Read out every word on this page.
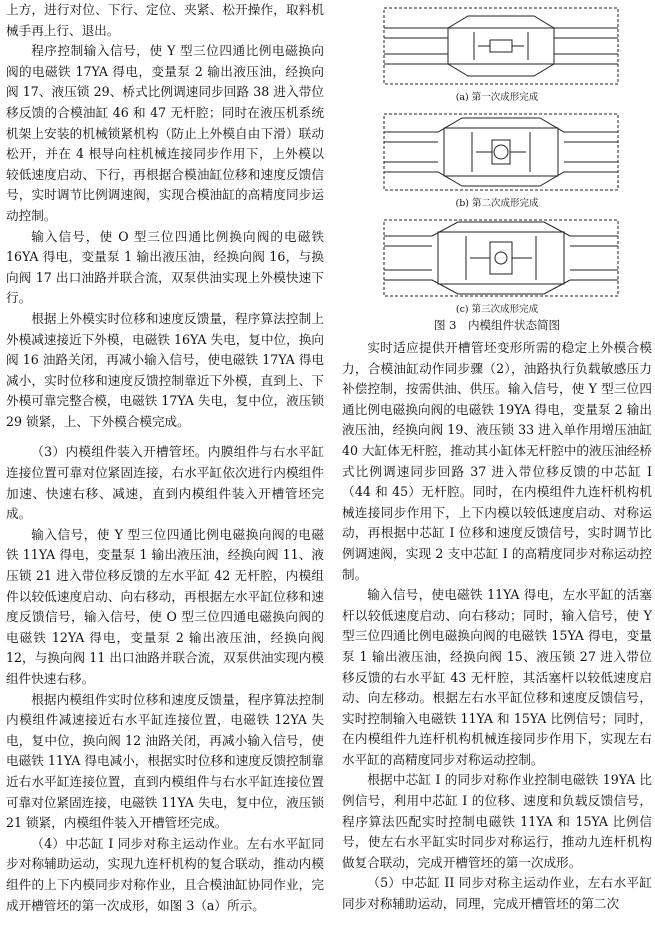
上方，进行对位、下行、定位、夹紧、松开操作，取料机械手再上行、退出。

程序控制输入信号，使 Y 型三位四通比例电磁换向阀的电磁铁 17YA 得电，变量泵 2 输出液压油，经换向阀 17、液压锁 29、桥式比例调速同步回路 38 进入带位移反馈的合模油缸 46 和 47 无杆腔；同时在液压机系统机架上安装的机械锁紧机构（防止上外模自由下滑）联动松开，并在 4 根导向柱机械连接同步作用下，上外模以较低速度启动、下行，再根据合模油缸位移和速度反馈信号，实时调节比例调速阀，实现合模油缸的高精度同步运动控制。

输入信号，使 O 型三位四通比例换向阀的电磁铁 16YA 得电，变量泵 1 输出液压油，经换向阀 16，与换向阀 17 出口油路并联合流，双泵供油实现上外模快速下行。

根据上外模实时位移和速度反馈量，程序算法控制上外模减速接近下外模，电磁铁 16YA 失电，复中位，换向阀 16 油路关闭，再减小输入信号，使电磁铁 17YA 得电减小，实时位移和速度反馈控制靠近下外模，直到上、下外模可靠完整合模，电磁铁 17YA 失电，复中位，液压锁 29 锁紧，上、下外模合模完成。

（3）内模组件装入开槽管坯。内膜组件与右水平缸连接位置可靠对位紧固连接，右水平缸依次进行内模组件加速、快速右移、减速，直到内模组件装入开槽管坯完成。

输入信号，使 Y 型三位四通比例电磁换向阀的电磁铁 11YA 得电，变量泵 1 输出液压油，经换向阀 11、液压锁 21 进入带位移反馈的左水平缸 42 无杆腔，内模组件以较低速度启动、向右移动，再根据左水平缸位移和速度反馈信号，输入信号，使 O 型三位四通电磁换向阀的电磁铁 12YA 得电，变量泵 2 输出液压油，经换向阀 12，与换向阀 11 出口油路并联合流，双泵供油实现内模组件快速右移。

根据内模组件实时位移和速度反馈量，程序算法控制内模组件减速接近右水平缸连接位置，电磁铁 12YA 失电，复中位，换向阀 12 油路关闭，再减小输入信号，使电磁铁 11YA 得电减小，根据实时位移和速度反馈控制靠近右水平缸连接位置，直到内模组件与右水平缸连接位置可靠对位紧固连接，电磁铁 11YA 失电，复中位，液压锁 21 锁紧，内模组件装入开槽管坯完成。

（4）中芯缸 I 同步对称主运动作业。左右水平缸同步对称辅助运动，实现九连杆机构的复合联动，推动内模组件的上下内模同步对称作业，且合模油缸协同作业，完成开槽管坯的第一次成形，如图 3（a）所示。

(a) 第一次成形完成
(b) 第二次成形完成
(c) 第三次成形完成
图 3　内模组件状态简图

实时适应提供开槽管坯变形所需的稳定上外模合模力，合模油缸动作同步骤（2），油路执行负载敏感压力补偿控制，按需供油、供压。输入信号，使 Y 型三位四通比例电磁换向阀的电磁铁 19YA 得电，变量泵 2 输出液压油，经换向阀 19、液压锁 33 进入单作用增压油缸 40 大缸体无杆腔，推动其小缸体无杆腔中的液压油经桥式比例调速同步回路 37 进入带位移反馈的中芯缸 I（44 和 45）无杆腔。同时，在内模组件九连杆机构机械连接同步作用下，上下内模以较低速度启动、对称运动，再根据中芯缸 I 位移和速度反馈信号，实时调节比例调速阀，实现 2 支中芯缸 I 的高精度同步对称运动控制。

输入信号，使电磁铁 11YA 得电，左水平缸的活塞杆以较低速度启动、向右移动；同时，输入信号，使 Y 型三位四通比例电磁换向阀的电磁铁 15YA 得电，变量泵 1 输出液压油，经换向阀 15、液压锁 27 进入带位移反馈的右水平缸 43 无杆腔，其活塞杆以较低速度启动、向左移动。根据左右水平缸位移和速度反馈信号，实时控制输入电磁铁 11YA 和 15YA 比例信号；同时，在内模组件九连杆机构机械连接同步作用下，实现左右水平缸的高精度同步对称运动控制。

根据中芯缸 I 的同步对称作业控制电磁铁 19YA 比例信号，利用中芯缸 I 的位移、速度和负载反馈信号，程序算法匹配实时控制电磁铁 11YA 和 15YA 比例信号，使左右水平缸实时同步对称运行，推动九连杆机构做复合联动，完成开槽管坯的第一次成形。

（5）中芯缸 II 同步对称主运动作业，左右水平缸同步对称辅助运动，同理，完成开槽管坯的第二次
